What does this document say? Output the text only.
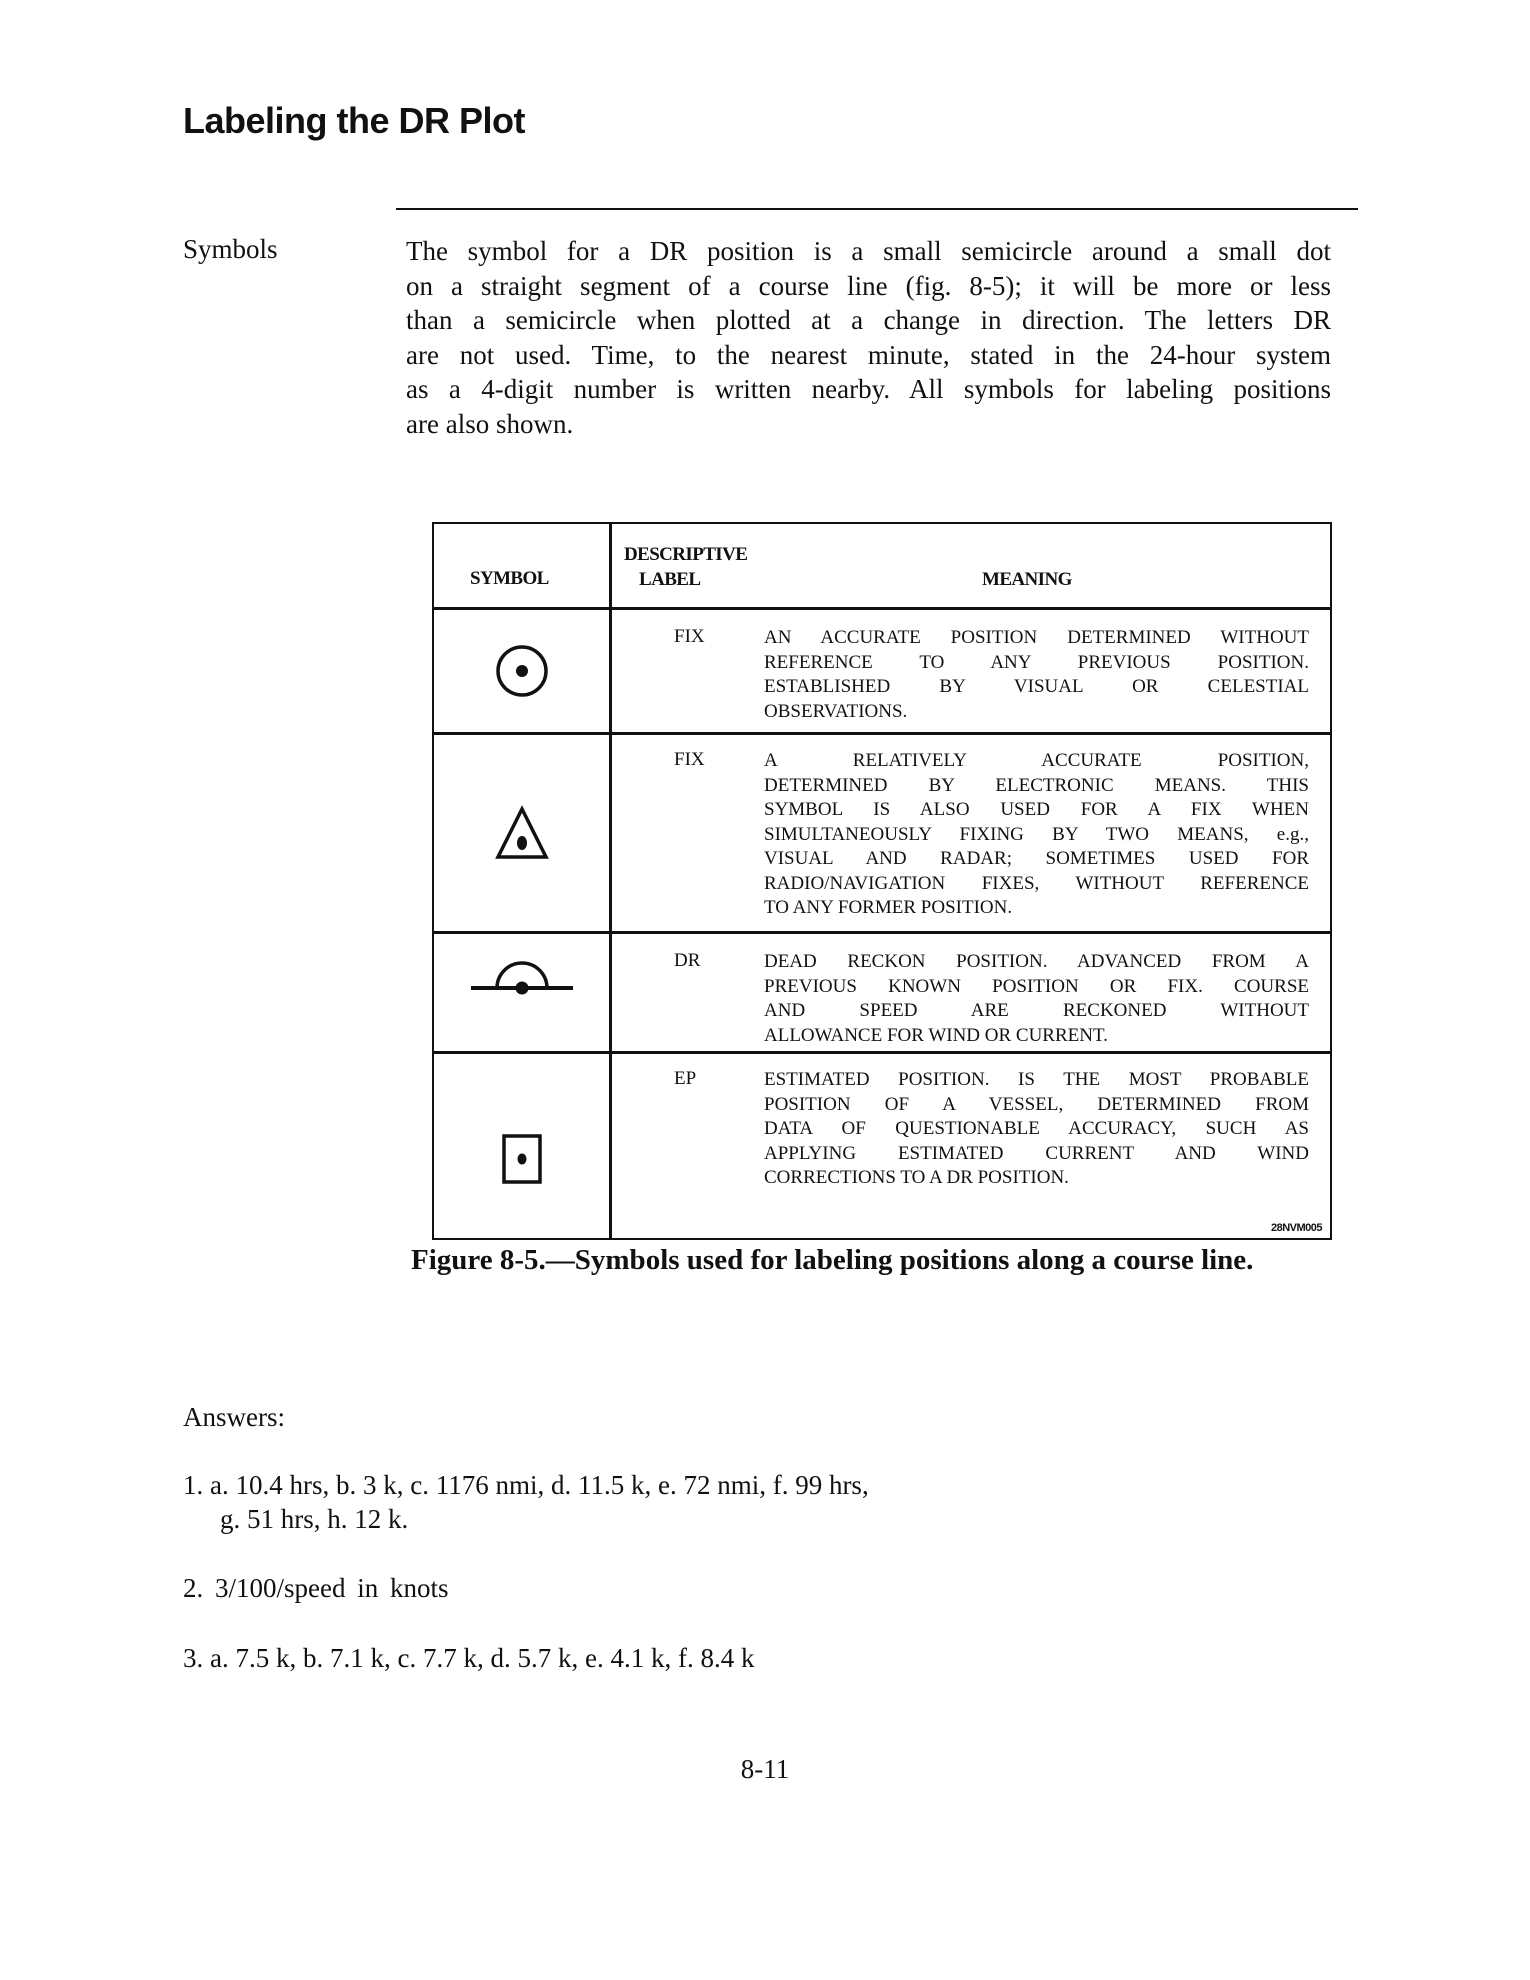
Labeling the DR Plot
Symbols	The symbol for a DR position is a small semicircle around a small dot
on a straight segment of a course line (fig. 8-5); it will be more or less
than a semicircle when plotted at a change in direction. The letters DR
are not used. Time, to the nearest minute, stated in the 24-hour system
as a 4-digit number is written nearby. All symbols for labeling positions
are also shown.
SYMBOL
DESCRIPTIVE
LABEL	MEANING
FIX	AN ACCURATE POSITION DETERMINED WITHOUT
REFERENCE TO ANY PREVIOUS POSITION.
ESTABLISHED BY VISUAL OR CELESTIAL
OBSERVATIONS.
FIX	A RELATIVELY ACCURATE POSITION,
DETERMINED BY ELECTRONIC MEANS. THIS
SYMBOL IS ALSO USED FOR A FIX WHEN
SIMULTANEOUSLY FIXING BY TWO MEANS, e.g.,
VISUAL AND RADAR; SOMETIMES USED FOR
RADIO/NAVIGATION FIXES, WITHOUT REFERENCE
TO ANY FORMER POSITION.
DR	DEAD RECKON POSITION. ADVANCED FROM A
PREVIOUS KNOWN POSITION OR FIX. COURSE
AND SPEED ARE RECKONED WITHOUT
ALLOWANCE FOR WIND OR CURRENT.
EP	ESTIMATED POSITION. IS THE MOST PROBABLE
POSITION OF A VESSEL, DETERMINED FROM
DATA OF QUESTIONABLE ACCURACY, SUCH AS
APPLYING ESTIMATED CURRENT AND WIND
CORRECTIONS TO A DR POSITION.
28NVM005
Figure 8-5.—Symbols used for labeling positions along a course line.
Answers:
1. a. 10.4 hrs, b. 3 k, c. 1176 nmi, d. 11.5 k, e. 72 nmi, f. 99 hrs,
g. 51 hrs, h. 12 k.
2. 3/100/speed in knots
3. a. 7.5 k, b. 7.1 k, c. 7.7 k, d. 5.7 k, e. 4.1 k, f. 8.4 k
8-11
